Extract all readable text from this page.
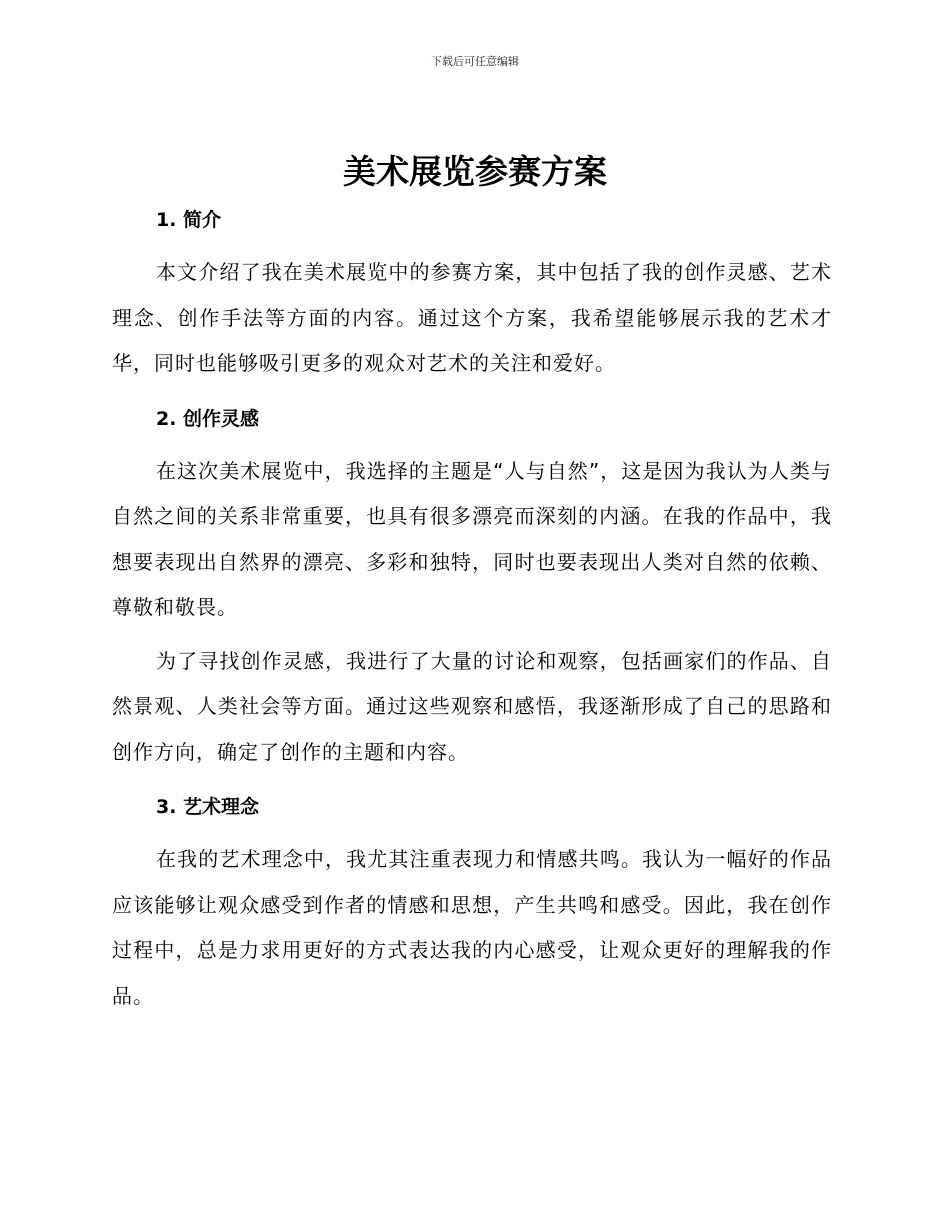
下载后可任意编辑
美术展览参赛方案
1. 简介

本文介绍了我在美术展览中的参赛方案，其中包括了我的创作灵感、艺术理念、创作手法等方面的内容。通过这个方案，我希望能够展示我的艺术才华，同时也能够吸引更多的观众对艺术的关注和爱好。

2. 创作灵感

在这次美术展览中，我选择的主题是“人与自然”，这是因为我认为人类与自然之间的关系非常重要，也具有很多漂亮而深刻的内涵。在我的作品中，我想要表现出自然界的漂亮、多彩和独特，同时也要表现出人类对自然的依赖、尊敬和敬畏。

为了寻找创作灵感，我进行了大量的讨论和观察，包括画家们的作品、自然景观、人类社会等方面。通过这些观察和感悟，我逐渐形成了自己的思路和创作方向，确定了创作的主题和内容。

3. 艺术理念

在我的艺术理念中，我尤其注重表现力和情感共鸣。我认为一幅好的作品应该能够让观众感受到作者的情感和思想，产生共鸣和感受。因此，我在创作过程中，总是力求用更好的方式表达我的内心感受，让观众更好的理解我的作品。
